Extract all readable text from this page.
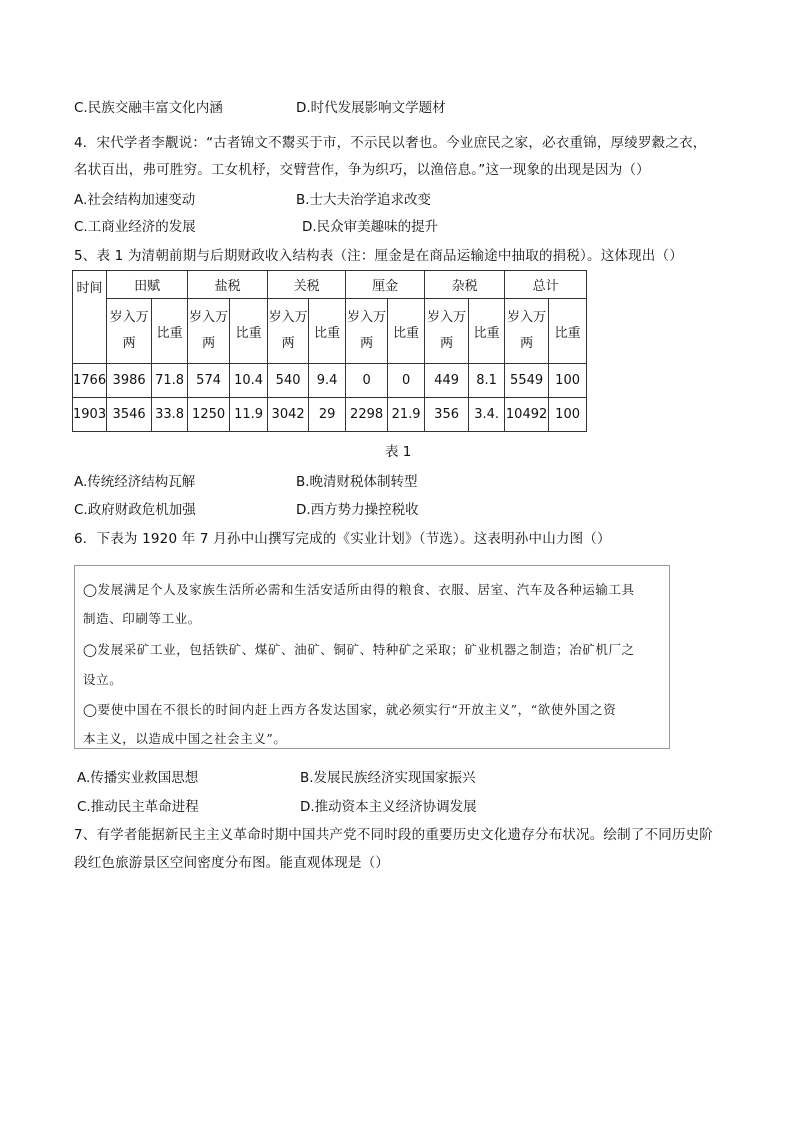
C.民族交融丰富文化内涵	D.时代发展影响文学题材
4．宋代学者李觏说：“古者锦文不鬻买于市，不示民以奢也。今业庶民之家，必衣重锦，厚绫罗縠之衣，
名状百出，弗可胜穷。工女机杼，交臂营作，争为织巧，以渔倍息。”这一现象的出现是因为（）
A.社会结构加速变动	B.士大夫治学追求改变
C.工商业经济的发展	D.民众审美趣味的提升
5、表 1 为清朝前期与后期财政收入结构表（注：厘金是在商品运输途中抽取的捐税）。这体现出（）
时间	田赋		盐税		关税		厘金		杂税		总计	
	岁入万两	比重	岁入万两	比重	岁入万两	比重	岁入万两	比重	岁入万两	比重	岁入万两	比重
1766	3986	71.8	574	10.4	540	9.4	0	0	449	8.1	5549	100
1903	3546	33.8	1250	11.9	3042	29	2298	21.9	356	3.4.	10492	100
表 1
A.传统经济结构瓦解	B.晚清财税体制转型
C.政府财政危机加强	D.西方势力操控税收
6．下表为 1920 年 7 月孙中山撰写完成的《实业计划》（节选）。这表明孙中山力图（）
◯发展满足个人及家族生活所必需和生活安适所由得的粮食、衣服、居室、汽车及各种运输工具
制造、印刷等工业。
◯发展采矿工业，包括铁矿、煤矿、油矿、铜矿、特种矿之采取；矿业机器之制造；冶矿机厂之
设立。
◯要使中国在不很长的时间内赶上西方各发达国家，就必须实行“开放主义”，“欲使外国之资
本主义，以造成中国之社会主义”。
A.传播实业救国思想	B.发展民族经济实现国家振兴
C.推动民主革命进程	D.推动资本主义经济协调发展
7、有学者能据新民主主义革命时期中国共产党不同时段的重要历史文化遗存分布状况。绘制了不同历史阶
段红色旅游景区空间密度分布图。能直观体现是（）
